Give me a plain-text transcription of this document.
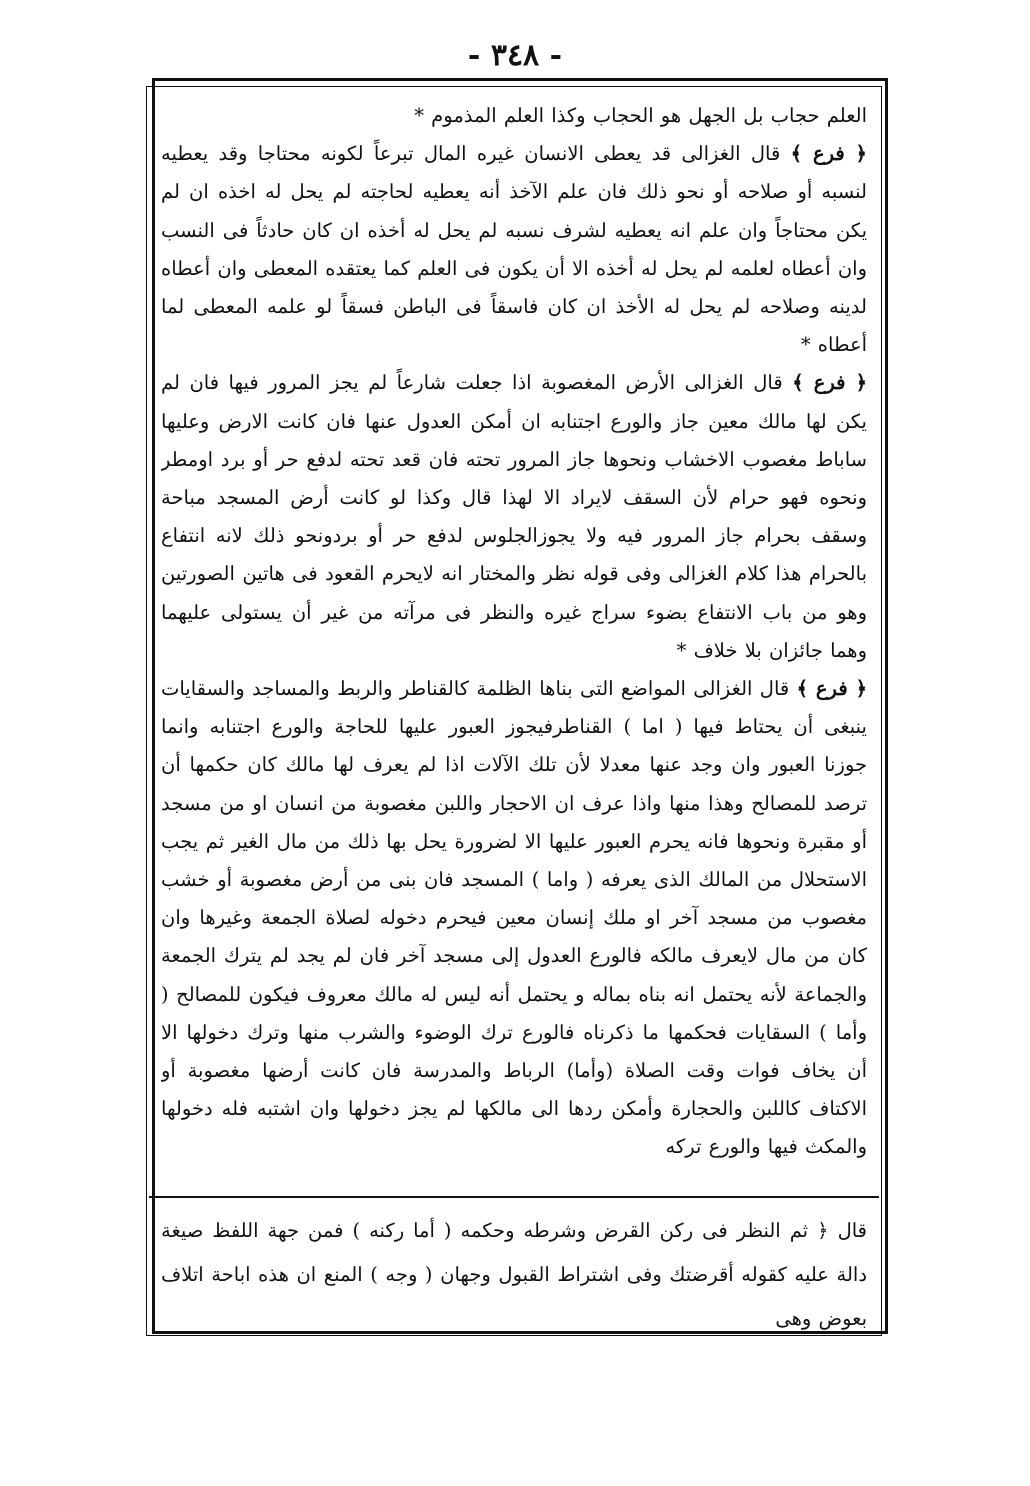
- ٣٤٨ -

العلم حجاب بل الجهل هو الحجاب وكذا العلم المذموم *

﴿ فرع ﴾ قال الغزالى قد يعطى الانسان غيره المال تبرعاً لكونه محتاجا وقد يعطيه لنسبه أو صلاحه أو نحو ذلك فان علم الآخذ أنه يعطيه لحاجته لم يحل له اخذه ان لم يكن محتاجاً وان علم انه يعطيه لشرف نسبه لم يحل له أخذه ان كان حادثاً فى النسب وان أعطاه لعلمه لم يحل له أخذه الا أن يكون فى العلم كما يعتقده المعطى وان أعطاه لدينه وصلاحه لم يحل له الأخذ ان كان فاسقاً فى الباطن فسقاً لو علمه المعطى لما أعطاه *

﴿ فرع ﴾ قال الغزالى الأرض المغصوبة اذا جعلت شارعاً لم يجز المرور فيها فان لم يكن لها مالك معين جاز والورع اجتنابه ان أمكن العدول عنها فان كانت الارض وعليها ساباط مغصوب الاخشاب ونحوها جاز المرور تحته فان قعد تحته لدفع حر أو برد اومطر ونحوه فهو حرام لأن السقف لايراد الا لهذا قال وكذا لو كانت أرض المسجد مباحة وسقف بحرام جاز المرور فيه ولا يجوزالجلوس لدفع حر أو بردونحو ذلك لانه انتفاع بالحرام هذا كلام الغزالى وفى قوله نظر والمختار انه لايحرم القعود فى هاتين الصورتين وهو من باب الانتفاع بضوء سراج غيره والنظر فى مرآته من غير أن يستولى عليهما وهما جائزان بلا خلاف *

﴿ فرع ﴾ قال الغزالى المواضع التى بناها الظلمة كالقناطر والربط والمساجد والسقايات ينبغى أن يحتاط فيها ( اما ) القناطرفيجوز العبور عليها للحاجة والورع اجتنابه وانما جوزنا العبور وان وجد عنها معدلا لأن تلك الآلات اذا لم يعرف لها مالك كان حكمها أن ترصد للمصالح وهذا منها واذا عرف ان الاحجار واللبن مغصوبة من انسان او من مسجد أو مقبرة ونحوها فانه يحرم العبور عليها الا لضرورة يحل بها ذلك من مال الغير ثم يجب الاستحلال من المالك الذى يعرفه ( واما ) المسجد فان بنى من أرض مغصوبة أو خشب مغصوب من مسجد آخر او ملك إنسان معين فيحرم دخوله لصلاة الجمعة وغيرها وان كان من مال لايعرف مالكه فالورع العدول إلى مسجد آخر فان لم يجد لم يترك الجمعة والجماعة لأنه يحتمل انه بناه بماله و يحتمل أنه ليس له مالك معروف فيكون للمصالح ( وأما ) السقايات فحكمها ما ذكرناه فالورع ترك الوضوء والشرب منها وترك دخولها الا أن يخاف فوات وقت الصلاة (وأما) الرباط والمدرسة فان كانت أرضها مغصوبة أو الاكتاف كاللبن والحجارة وأمكن ردها الى مالكها لم يجز دخولها وان اشتبه فله دخولها والمكث فيها والورع تركه

قال ﴿ ثم النظر فى ركن القرض وشرطه وحكمه ( أما ركنه ) فمن جهة اللفظ صيغة دالة عليه كقوله أقرضتك وفى اشتراط القبول وجهان ( وجه ) المنع ان هذه اباحة اتلاف بعوض وهى
